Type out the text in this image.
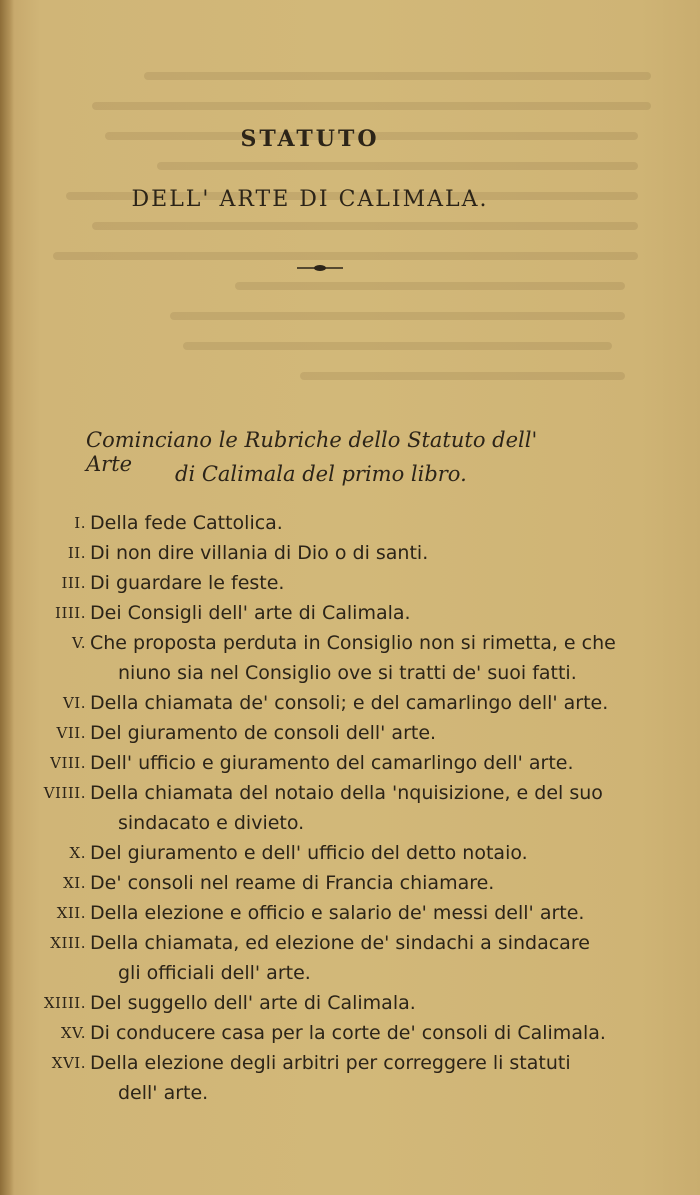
STATUTO
DELL' ARTE DI CALIMALA.
Cominciano le Rubriche dello Statuto dell' Arte	di Calimala del primo libro.
I. Della fede Cattolica.
II. Di non dire villania di Dio o di santi.
III. Di guardare le feste.
IIII. Dei Consigli dell' arte di Calimala.
V. Che proposta perduta in Consiglio non si rimetta, e che
niuno sia nel Consiglio ove si tratti de' suoi fatti.
VI. Della chiamata de' consoli; e del camarlingo dell' arte.
VII. Del giuramento de consoli dell' arte.
VIII. Dell' ufficio e giuramento del camarlingo dell' arte.
VIIII. Della chiamata del notaio della 'nquisizione, e del suo
sindacato e divieto.
X. Del giuramento e dell' ufficio del detto notaio.
XI. De' consoli nel reame di Francia chiamare.
XII. Della elezione e officio e salario de' messi dell' arte.
XIII. Della chiamata, ed elezione de' sindachi a sindacare
gli officiali dell' arte.
XIIII. Del suggello dell' arte di Calimala.
XV. Di conducere casa per la corte de' consoli di Calimala.
XVI. Della elezione degli arbitri per correggere li statuti
dell' arte.
